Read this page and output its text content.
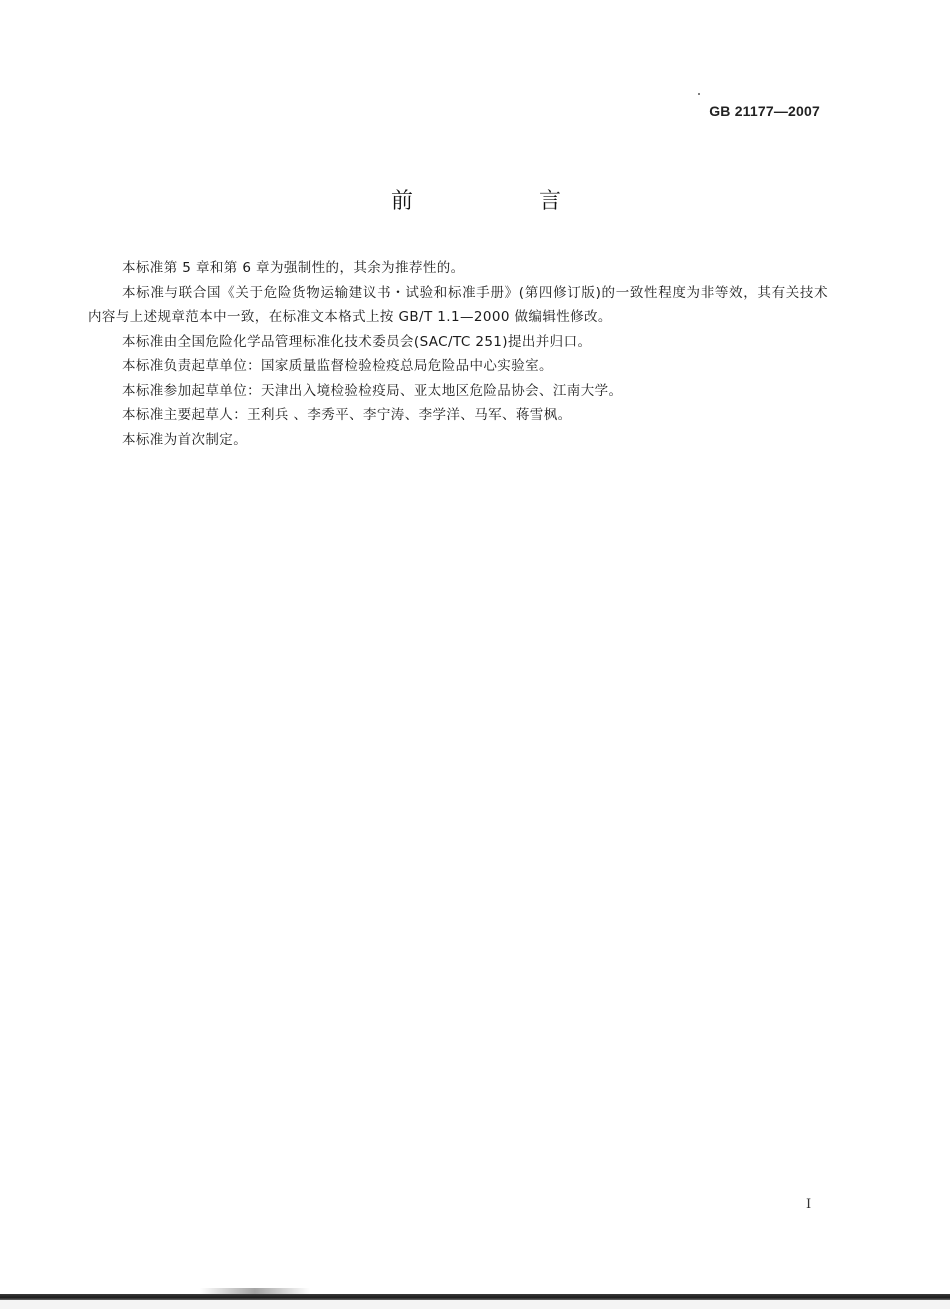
GB 21177—2007
前　言

本标准第 5 章和第 6 章为强制性的，其余为推荐性的。

本标准与联合国《关于危险货物运输建议书・试验和标准手册》(第四修订版)的一致性程度为非等效，其有关技术内容与上述规章范本中一致，在标准文本格式上按 GB/T 1.1—2000 做编辑性修改。

本标准由全国危险化学品管理标准化技术委员会(SAC/TC 251)提出并归口。

本标准负责起草单位：国家质量监督检验检疫总局危险品中心实验室。

本标准参加起草单位：天津出入境检验检疫局、亚太地区危险品协会、江南大学。

本标准主要起草人：王利兵 、李秀平、李宁涛、李学洋、马军、蒋雪枫。

本标准为首次制定。

I
